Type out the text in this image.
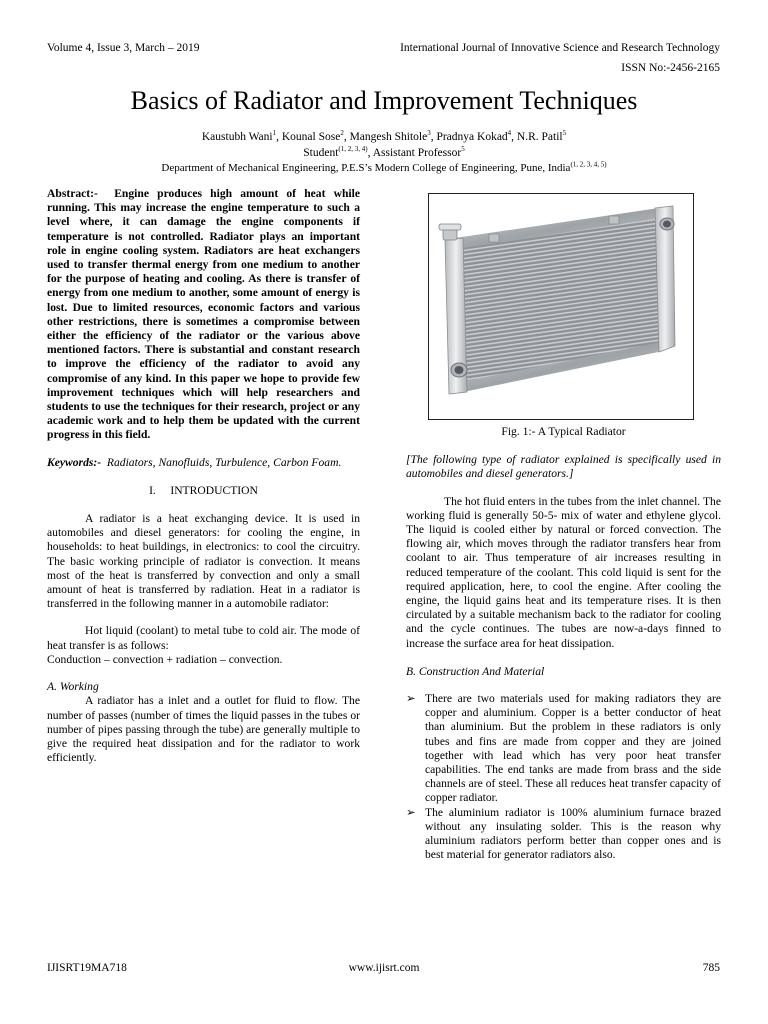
Volume 4, Issue 3, March – 2019	International Journal of Innovative Science and Research Technology
ISSN No:-2456-2165
Basics of Radiator and Improvement Techniques
Kaustubh Wani$^1$, Kounal Sose$^2$, Mangesh Shitole$^3$, Pradnya Kokad$^4$, N.R. Patil$^5$
Student$^{(1, 2, 3, 4)}$, Assistant Professor$^5$
Department of Mechanical Engineering, P.E.S’s Modern College of Engineering, Pune, India$^{(1, 2, 3, 4, 5)}$

Abstract:- Engine produces high amount of heat while running. This may increase the engine temperature to such a level where, it can damage the engine components if temperature is not controlled. Radiator plays an important role in engine cooling system. Radiators are heat exchangers used to transfer thermal energy from one medium to another for the purpose of heating and cooling. As there is transfer of energy from one medium to another, some amount of energy is lost. Due to limited resources, economic factors and various other restrictions, there is sometimes a compromise between either the efficiency of the radiator or the various above mentioned factors. There is substantial and constant research to improve the efficiency of the radiator to avoid any compromise of any kind. In this paper we hope to provide few improvement techniques which will help researchers and students to use the techniques for their research, project or any academic work and to help them be updated with the current progress in this field.

Keywords:- Radiators, Nanofluids, Turbulence, Carbon Foam.

I. INTRODUCTION

A radiator is a heat exchanging device. It is used in automobiles and diesel generators: for cooling the engine, in households: to heat buildings, in electronics: to cool the circuitry. The basic working principle of radiator is convection. It means most of the heat is transferred by convection and only a small amount of heat is transferred by radiation. Heat in a radiator is transferred in the following manner in a automobile radiator:

Hot liquid (coolant) to metal tube to cold air. The mode of heat transfer is as follows:

Conduction – convection + radiation – convection.

A. Working

A radiator has a inlet and a outlet for fluid to flow. The number of passes (number of times the liquid passes in the tubes or number of pipes passing through the tube) are generally multiple to give the required heat dissipation and for the radiator to work efficiently.

Fig. 1:- A Typical Radiator

[The following type of radiator explained is specifically used in automobiles and diesel generators.]

The hot fluid enters in the tubes from the inlet channel. The working fluid is generally 50-5- mix of water and ethylene glycol. The liquid is cooled either by natural or forced convection. The flowing air, which moves through the radiator transfers hear from coolant to air. Thus temperature of air increases resulting in reduced temperature of the coolant. This cold liquid is sent for the required application, here, to cool the engine. After cooling the engine, the liquid gains heat and its temperature rises. It is then circulated by a suitable mechanism back to the radiator for cooling and the cycle continues. The tubes are now-a-days finned to increase the surface area for heat dissipation.

B. Construction And Material

➢ There are two materials used for making radiators they are copper and aluminium. Copper is a better conductor of heat than aluminium. But the problem in these radiators is only tubes and fins are made from copper and they are joined together with lead which has very poor heat transfer capabilities. The end tanks are made from brass and the side channels are of steel. These all reduces heat transfer capacity of copper radiator.
➢ The aluminium radiator is 100% aluminium furnace brazed without any insulating solder. This is the reason why aluminium radiators perform better than copper ones and is best material for generator radiators also.
IJISRT19MA718	www.ijisrt.com	785
